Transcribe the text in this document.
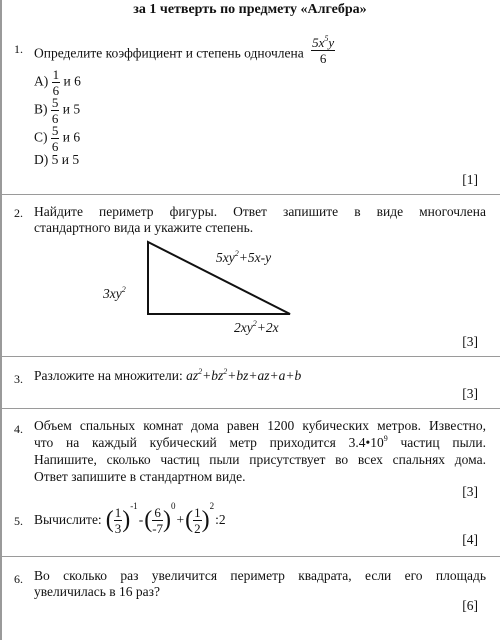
за 1 четверть по предмету «Алгебра»
1. Определите коэффициент и степень одночлена $\frac{5x^5y}{6}$
$A) \frac{1}{6}$ и 6
$B) \frac{5}{6}$ и 5
$C) \frac{5}{6}$ и 6
D) 5 и 5
[1]
2. Найдите периметр фигуры. Ответ запишите в виде многочлена
стандартного вида и укажите степень.
$5xy^2+5x-y$
$3xy^2$
$2xy^2+2x$
[3]
3. Разложите на множители: $az^2+bz^2+bz+az+a+b$
[3]
4. Объем спальных комнат дома равен 1200 кубических метров. Известно,
что на каждый кубический метр приходится $3.4•10^9$ частиц пыли.
Напишите, сколько частиц пыли присутствует во всех спальнях дома.
Ответ запишите в стандартном виде.
[3]
5. Вычислите: ( $\frac{1}{3}$ )
-1
- ( $\frac{6}{-7}$ )
0
+ ( $\frac{1}{2}$ )
2
:2
[4]
6. Во сколько раз увеличится периметр квадрата, если его площадь
увеличилась в 16 раз?
[6]
